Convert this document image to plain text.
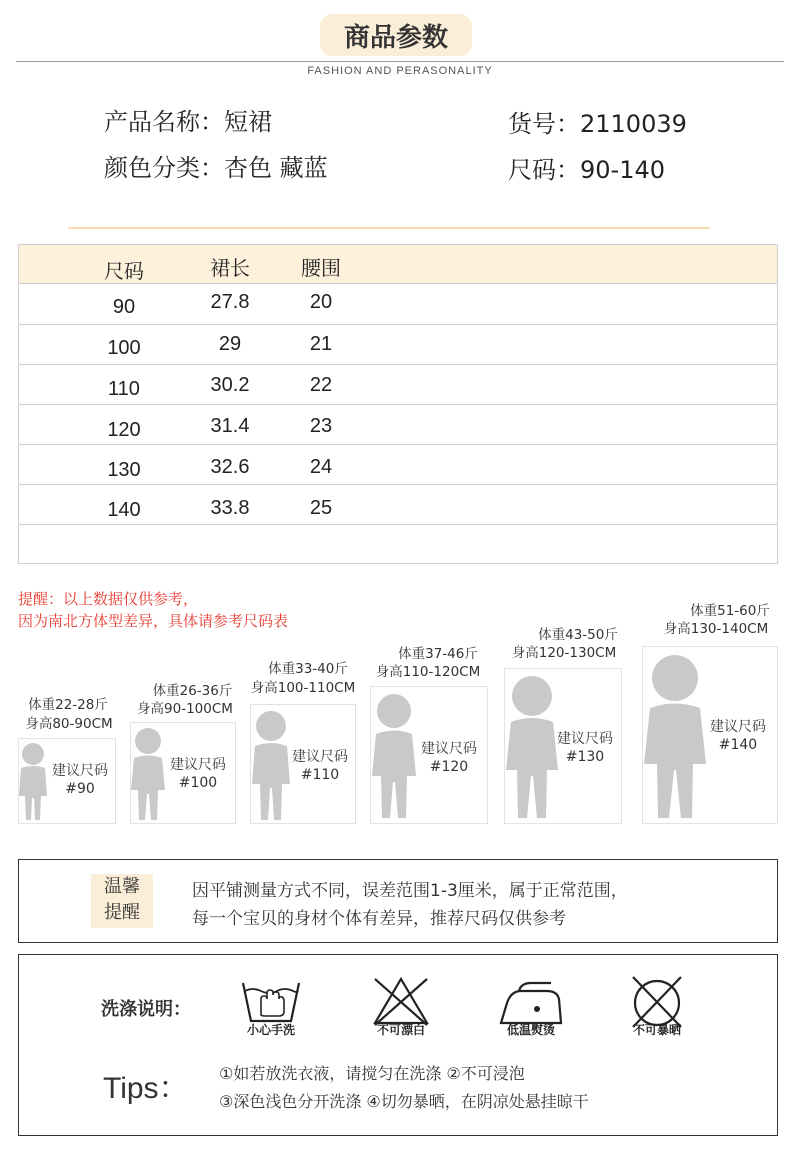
商品参数
FASHION AND PERASONALITY
产品名称：短裙
颜色分类：杏色 藏蓝
货号：2110039
尺码：90-140
尺码	裙长	腰围
90	27.8	20
100	29	21
110	30.2	22
120	31.4	23
130	32.6	24
140	33.8	25
提醒：以上数据仅供参考，
因为南北方体型差异，具体请参考尺码表
体重22-28斤
身高80-90CM
建议尺码
#90
体重26-36斤
身高90-100CM
建议尺码
#100
体重33-40斤
身高100-110CM
建议尺码
#110
体重37-46斤
身高110-120CM
建议尺码
#120
体重43-50斤
身高120-130CM
建议尺码
#130
体重51-60斤
身高130-140CM
建议尺码
#140
温馨
提醒
因平铺测量方式不同，误差范围1-3厘米，属于正常范围，
每一个宝贝的身材个体有差异，推荐尺码仅供参考
洗涤说明：
小心手洗	不可漂白	低温熨烫	不可暴晒
Tips： ①如若放洗衣液，请搅匀在洗涤 ②不可浸泡
③深色浅色分开洗涤 ④切勿暴晒，在阴凉处悬挂晾干
